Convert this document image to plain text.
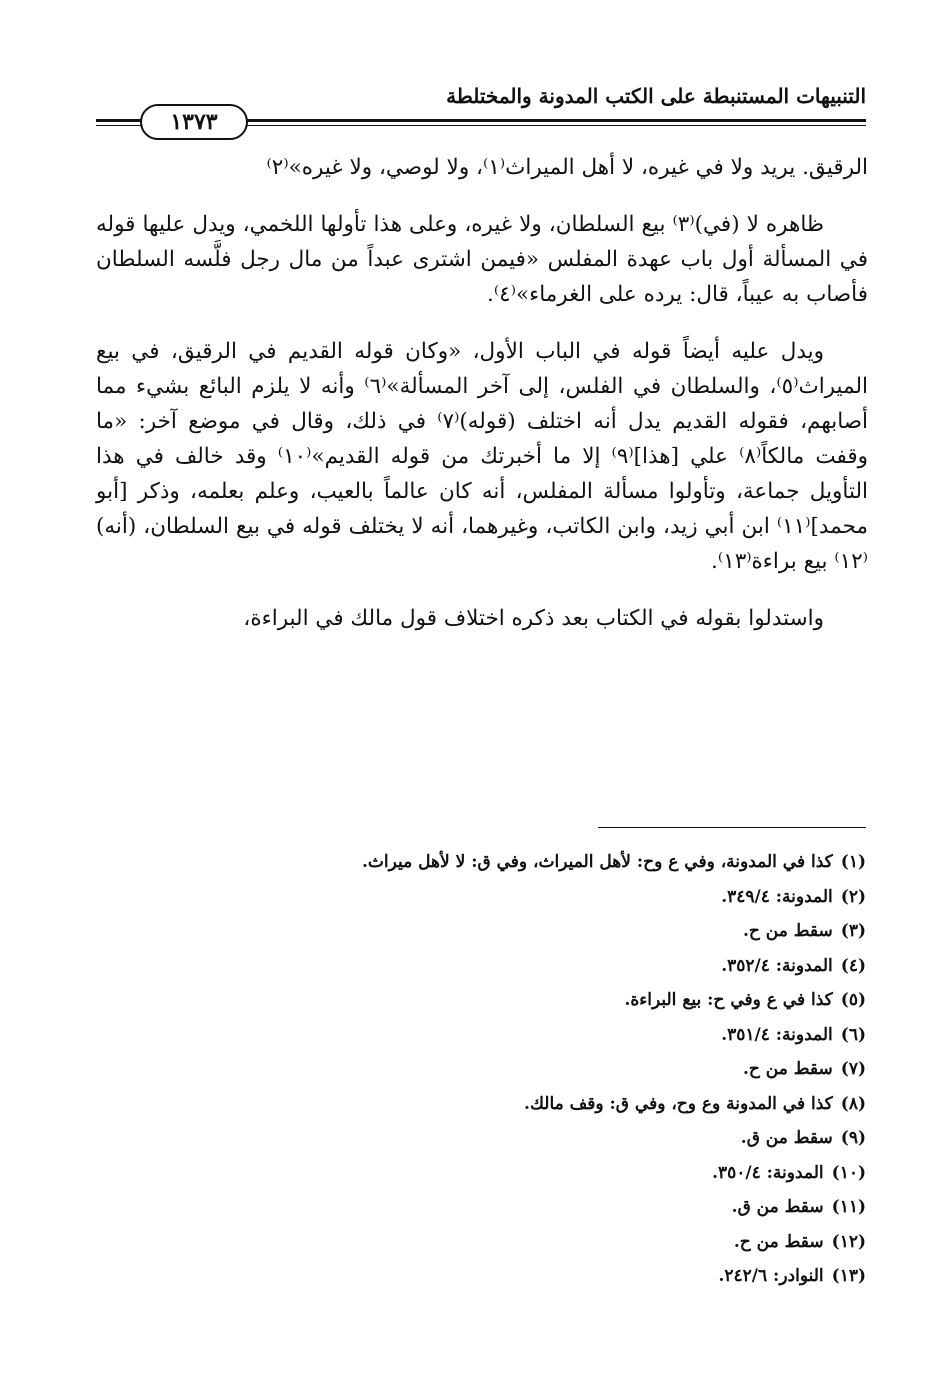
التنبيهات المستنبطة على الكتب المدونة والمختلطة
١٣٧٣

الرقيق. يريد ولا في غيره، لا أهل الميراث⁽١⁾، ولا لوصي، ولا غيره»⁽٢⁾

ظاهره لا (في)⁽٣⁾ بيع السلطان، ولا غيره، وعلى هذا تأولها اللخمي، ويدل عليها قوله في المسألة أول باب عهدة المفلس «فيمن اشترى عبداً من مال رجل فلَّسه السلطان فأصاب به عيباً، قال: يرده على الغرماء»⁽٤⁾.

ويدل عليه أيضاً قوله في الباب الأول، «وكان قوله القديم في الرقيق، في بيع الميراث⁽٥⁾، والسلطان في الفلس، إلى آخر المسألة»⁽٦⁾ وأنه لا يلزم البائع بشيء مما أصابهم، فقوله القديم يدل أنه اختلف (قوله)⁽٧⁾ في ذلك، وقال في موضع آخر: «ما وقفت مالكاً⁽٨⁾ علي [هذا]⁽٩⁾ إلا ما أخبرتك من قوله القديم»⁽١٠⁾ وقد خالف في هذا التأويل جماعة، وتأولوا مسألة المفلس، أنه كان عالماً بالعيب، وعلم بعلمه، وذكر [أبو محمد]⁽١١⁾ ابن أبي زيد، وابن الكاتب، وغيرهما، أنه لا يختلف قوله في بيع السلطان، (أنه)⁽١٢⁾ بيع براءة⁽١٣⁾.

واستدلوا بقوله في الكتاب بعد ذكره اختلاف قول مالك في البراءة،

(١)كذا في المدونة، وفي ع وح: لأهل الميراث، وفي ق: لا لأهل ميراث.
(٢)المدونة: ٣٤٩/٤.
(٣)سقط من ح.
(٤)المدونة: ٣٥٢/٤.
(٥)كذا في ع وفي ح: بيع البراءة.
(٦)المدونة: ٣٥١/٤.
(٧)سقط من ح.
(٨)كذا في المدونة وع وح، وفي ق: وقف مالك.
(٩)سقط من ق.
(١٠)المدونة: ٣٥٠/٤.
(١١)سقط من ق.
(١٢)سقط من ح.
(١٣)النوادر: ٢٤٢/٦.
